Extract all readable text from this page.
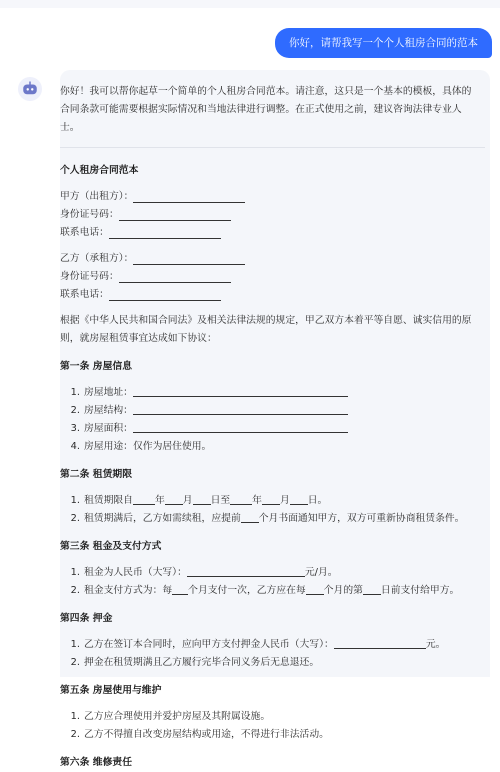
你好，请帮我写一个个人租房合同的范本

你好！我可以帮你起草一个简单的个人租房合同范本。请注意，这只是一个基本的模板，具体的合同条款可能需要根据实际情况和当地法律进行调整。在正式使用之前，建议咨询法律专业人士。

个人租房合同范本

甲方（出租方）：
身份证号码：
联系电话：
乙方（承租方）：
身份证号码：
联系电话：

根据《中华人民共和国合同法》及相关法律法规的规定，甲乙双方本着平等自愿、诚实信用的原则，就房屋租赁事宜达成如下协议：

第一条 房屋信息

1. 房屋地址：
2. 房屋结构：
3. 房屋面积：
4. 房屋用途：仅作为居住使用。

第二条 租赁期限

1. 租赁期限自 年 月 日至 年 月 日。
2. 租赁期满后，乙方如需续租，应提前 个月书面通知甲方，双方可重新协商租赁条件。

第三条 租金及支付方式

1. 租金为人民币（大写）：	元/月。
2. 租金支付方式为：每 个月支付一次，乙方应在每 个月的第 日前支付给甲方。

第四条 押金

1. 乙方在签订本合同时，应向甲方支付押金人民币（大写）：	元。
2. 押金在租赁期满且乙方履行完毕合同义务后无息退还。

第五条 房屋使用与维护

1. 乙方应合理使用并爱护房屋及其附属设施。
2. 乙方不得擅自改变房屋结构或用途，不得进行非法活动。

第六条 维修责任
